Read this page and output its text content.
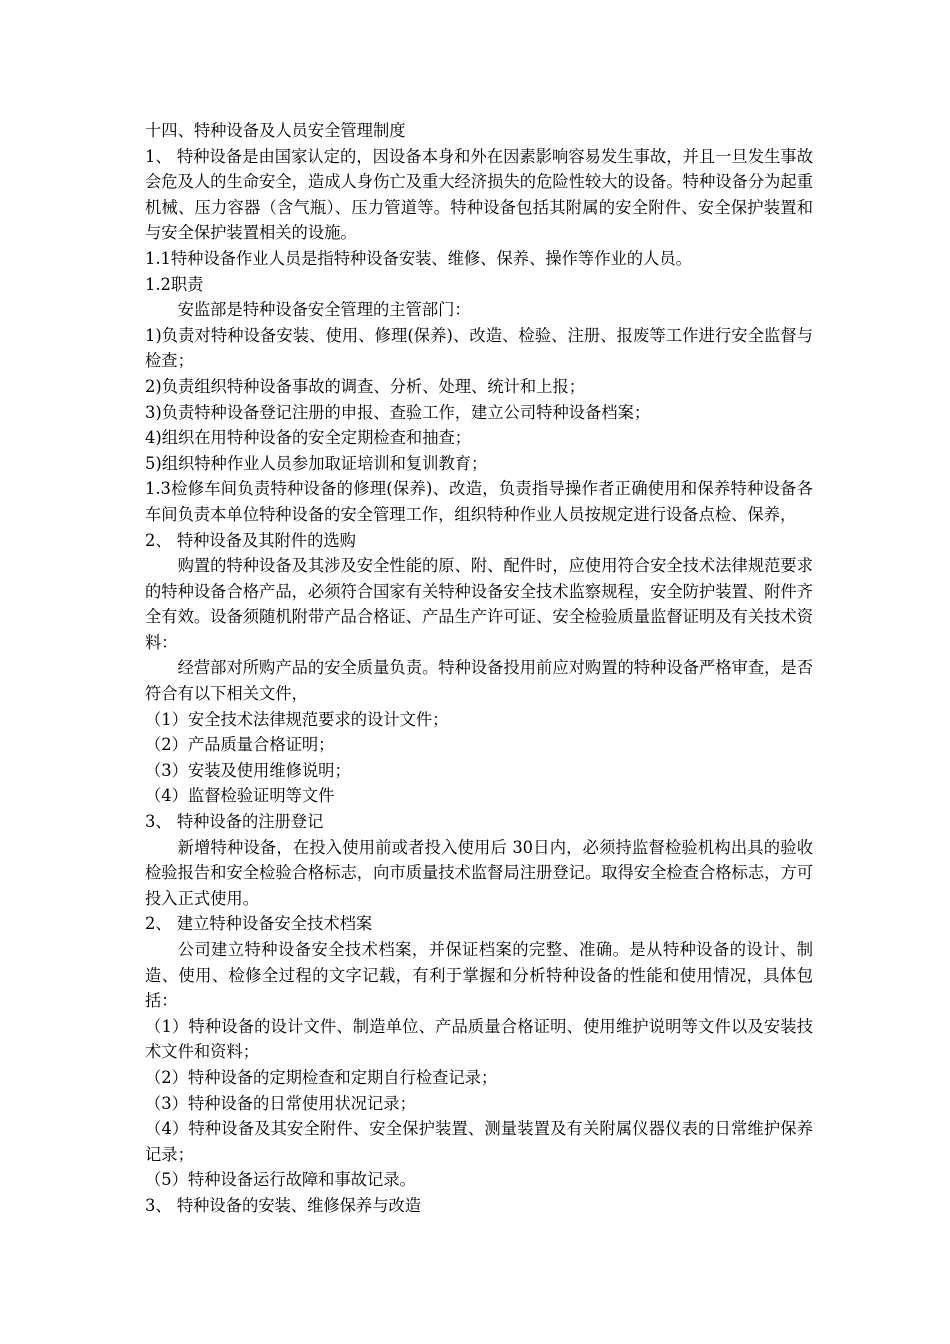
十四、特种设备及人员安全管理制度

1、 特种设备是由国家认定的，因设备本身和外在因素影响容易发生事故，并且一旦发生事故会危及人的生命安全，造成人身伤亡及重大经济损失的危险性较大的设备。特种设备分为起重机械、压力容器（含气瓶）、压力管道等。特种设备包括其附属的安全附件、安全保护装置和与安全保护装置相关的设施。

1.1特种设备作业人员是指特种设备安装、维修、保养、操作等作业的人员。

1.2职责

安监部是特种设备安全管理的主管部门：

1)负责对特种设备安装、使用、修理(保养)、改造、检验、注册、报废等工作进行安全监督与检查；

2)负责组织特种设备事故的调查、分析、处理、统计和上报；

3)负责特种设备登记注册的申报、查验工作，建立公司特种设备档案；

4)组织在用特种设备的安全定期检查和抽查；

5)组织特种作业人员参加取证培训和复训教育；

1.3检修车间负责特种设备的修理(保养)、改造，负责指导操作者正确使用和保养特种设备各车间负责本单位特种设备的安全管理工作，组织特种作业人员按规定进行设备点检、保养，

2、 特种设备及其附件的选购

购置的特种设备及其涉及安全性能的原、附、配件时，应使用符合安全技术法律规范要求的特种设备合格产品，必须符合国家有关特种设备安全技术监察规程，安全防护装置、附件齐全有效。设备须随机附带产品合格证、产品生产许可证、安全检验质量监督证明及有关技术资料：

经营部对所购产品的安全质量负责。特种设备投用前应对购置的特种设备严格审查，是否符合有以下相关文件，

（1）安全技术法律规范要求的设计文件；

（2）产品质量合格证明；

（3）安装及使用维修说明；

（4）监督检验证明等文件

3、 特种设备的注册登记

新增特种设备，在投入使用前或者投入使用后 30日内，必须持监督检验机构出具的验收检验报告和安全检验合格标志，向市质量技术监督局注册登记。取得安全检查合格标志，方可投入正式使用。

2、 建立特种设备安全技术档案

公司建立特种设备安全技术档案，并保证档案的完整、准确。是从特种设备的设计、制造、使用、检修全过程的文字记载，有利于掌握和分析特种设备的性能和使用情况，具体包括：

（1）特种设备的设计文件、制造单位、产品质量合格证明、使用维护说明等文件以及安装技术文件和资料；

（2）特种设备的定期检查和定期自行检查记录；

（3）特种设备的日常使用状况记录；

（4）特种设备及其安全附件、安全保护装置、测量装置及有关附属仪器仪表的日常维护保养记录；

（5）特种设备运行故障和事故记录。

3、 特种设备的安装、维修保养与改造
